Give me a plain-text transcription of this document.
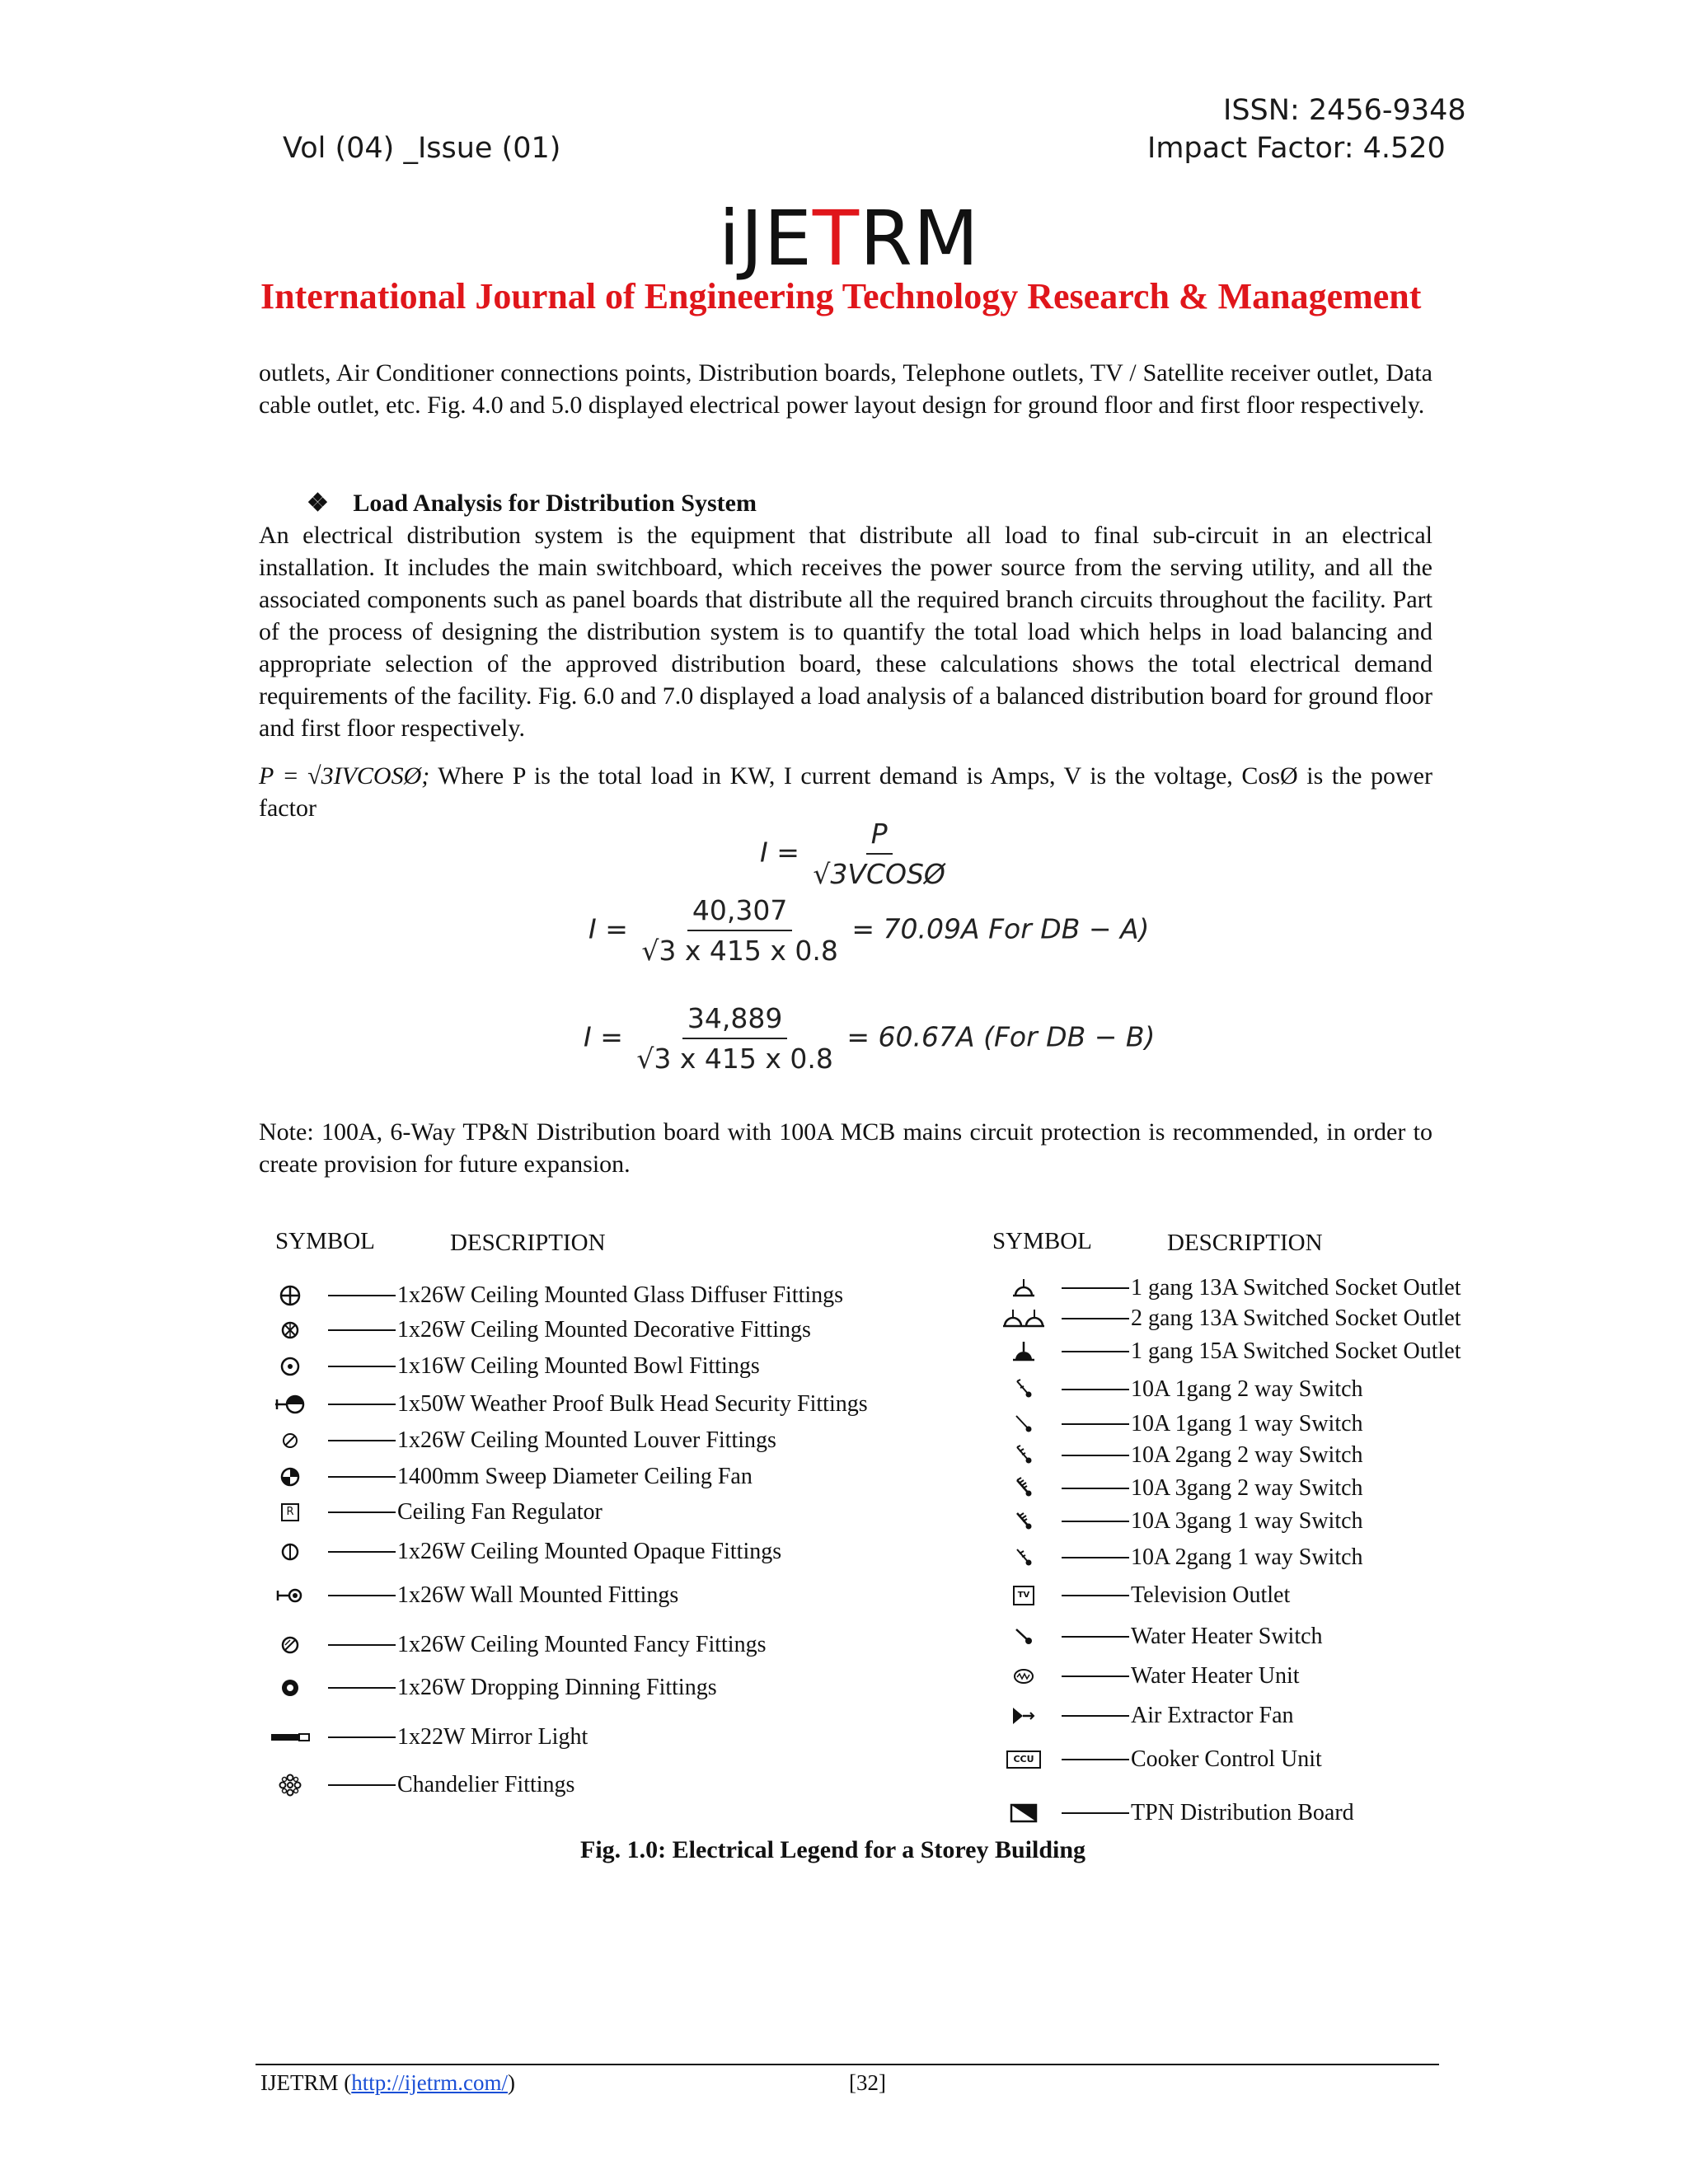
ISSN: 2456-9348
Vol (04) _Issue (01)	Impact Factor: 4.520
iJETRM
International Journal of Engineering Technology Research & Management
outlets, Air Conditioner connections points, Distribution boards, Telephone outlets, TV / Satellite receiver outlet, Data cable outlet, etc. Fig. 4.0 and 5.0 displayed electrical power layout design for ground floor and first floor respectively.
❖ Load Analysis for Distribution System
An electrical distribution system is the equipment that distribute all load to final sub-circuit in an electrical installation. It includes the main switchboard, which receives the power source from the serving utility, and all the associated components such as panel boards that distribute all the required branch circuits throughout the facility. Part of the process of designing the distribution system is to quantify the total load which helps in load balancing and appropriate selection of the approved distribution board, these calculations shows the total electrical demand requirements of the facility. Fig. 6.0 and 7.0 displayed a load analysis of a balanced distribution board for ground floor and first floor respectively.
P = √3IVCOSØ; Where P is the total load in KW, I current demand is Amps, V is the voltage, CosØ is the power factor
$I = \frac{P}{\text{√3VCOSØ}}$
$I = \frac{40,307}{√3 x 415 x 0.8} = 70.09A$ For DB − A)
$I = \frac{34,889}{√3 x 415 x 0.8} = 60.67A$ (For DB − B)
Note: 100A, 6-Way TP&N Distribution board with 100A MCB mains circuit protection is recommended, in order to create provision for future expansion.
SYMBOL	DESCRIPTION	SYMBOL	DESCRIPTION
1x26W Ceiling Mounted Glass Diffuser Fittings
1x26W Ceiling Mounted Decorative Fittings
1x16W Ceiling Mounted Bowl Fittings
1x50W Weather Proof Bulk Head Security Fittings
1x26W Ceiling Mounted Louver Fittings
1400mm Sweep Diameter Ceiling Fan
R	Ceiling Fan Regulator
1x26W Ceiling Mounted Opaque Fittings
1x26W Wall Mounted Fittings
1x26W Ceiling Mounted Fancy Fittings
1x26W Dropping Dinning Fittings
1x22W Mirror Light
Chandelier Fittings
1 gang 13A Switched Socket Outlet
2 gang 13A Switched Socket Outlet
1 gang 15A Switched Socket Outlet
10A 1gang 2 way Switch
10A 1gang 1 way Switch
10A 2gang 2 way Switch
10A 3gang 2 way Switch
10A 3gang 1 way Switch
10A 2gang 1 way Switch
TV	Television Outlet
Water Heater Switch
Water Heater Unit
Air Extractor Fan
CCU	Cooker Control Unit
TPN Distribution Board
Fig. 1.0: Electrical Legend for a Storey Building
IJETRM (http://ijetrm.com/)	[32]
